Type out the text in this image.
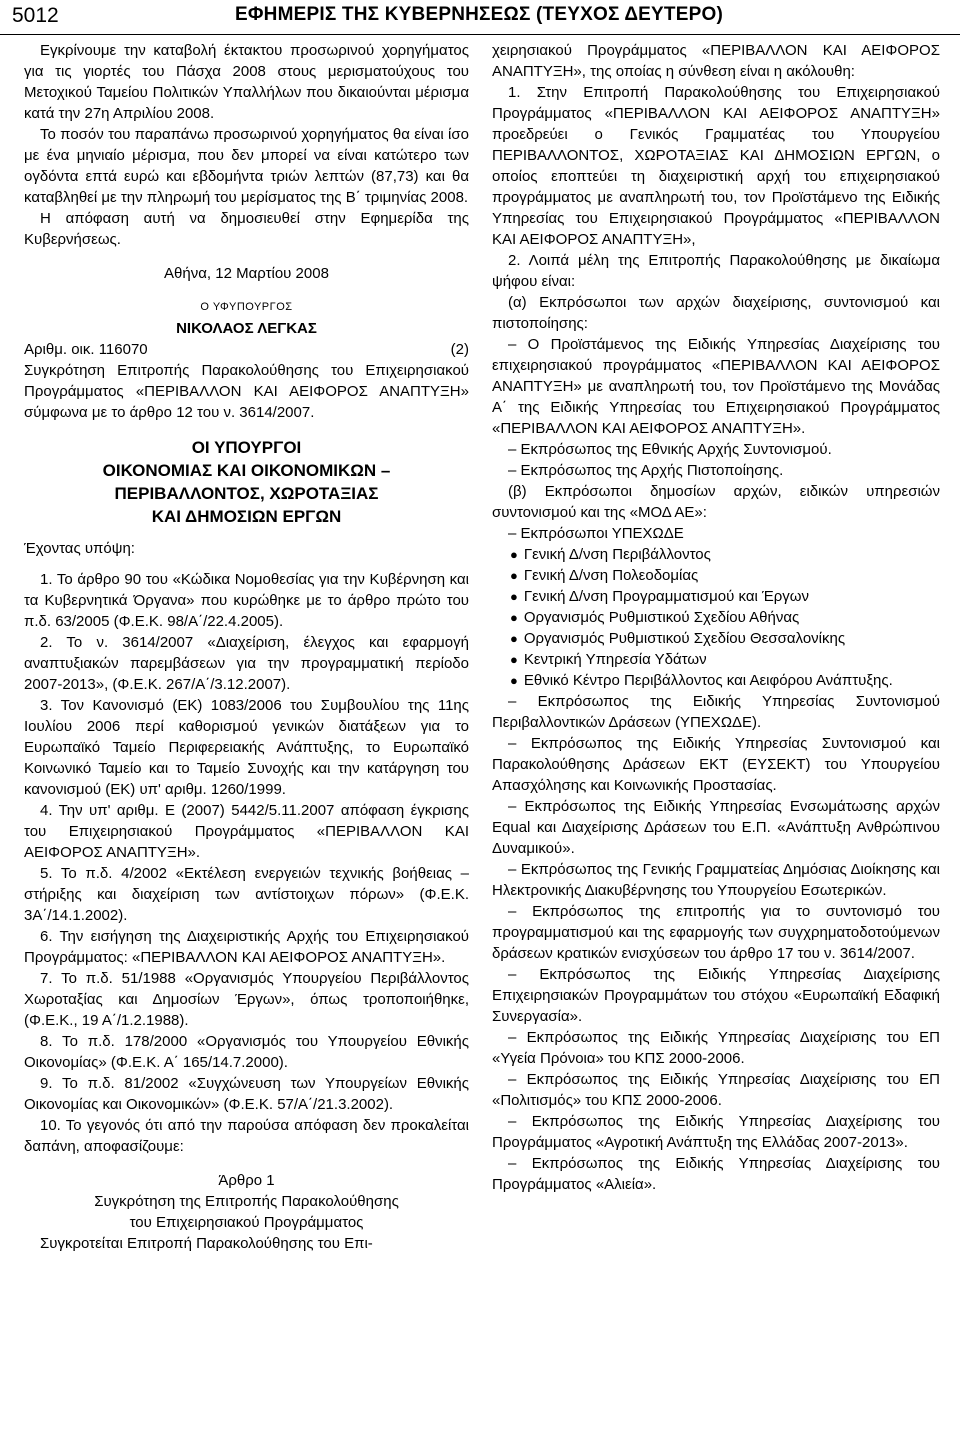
5012	ΕΦΗΜΕΡΙΣ ΤΗΣ ΚΥΒΕΡΝΗΣΕΩΣ (ΤΕΥΧΟΣ ΔΕΥΤΕΡΟ)

Εγκρίνουμε την καταβολή έκτακτου προσωρινού χορηγήματος για τις γιορτές του Πάσχα 2008 στους μερισματούχους του Μετοχικού Ταμείου Πολιτικών Υπαλλήλων που δικαιούνται μέρισμα κατά την 27η Απριλίου 2008.

Το ποσόν του παραπάνω προσωρινού χορηγήματος θα είναι ίσο με ένα μηνιαίο μέρισμα, που δεν μπορεί να είναι κατώτερο των ογδόντα επτά ευρώ και εβδομήντα τριών λεπτών (87,73) και θα καταβληθεί με την πληρωμή του μερίσματος της Β΄ τριμηνίας 2008.

Η απόφαση αυτή να δημοσιευθεί στην Εφημερίδα της Κυβερνήσεως.

Αθήνα, 12 Μαρτίου 2008

Ο ΥΦΥΠΟΥΡΓΟΣ

ΝΙΚΟΛΑΟΣ ΛΕΓΚΑΣ

Αριθμ. οικ. 116070	(2)

Συγκρότηση Επιτροπής Παρακολούθησης του Επιχειρησιακού Προγράμματος «ΠΕΡΙΒΑΛΛΟΝ ΚΑΙ ΑΕΙΦΟΡΟΣ ΑΝΑΠΤΥΞΗ» σύμφωνα με το άρθρο 12 του ν. 3614/2007.

ΟΙ ΥΠΟΥΡΓΟΙ

ΟΙΚΟΝΟΜΙΑΣ ΚΑΙ ΟΙΚΟΝΟΜΙΚΩΝ –

ΠΕΡΙΒΑΛΛΟΝΤΟΣ, ΧΩΡΟΤΑΞΙΑΣ

ΚΑΙ ΔΗΜΟΣΙΩΝ ΕΡΓΩΝ

Έχοντας υπόψη:

1. Το άρθρο 90 του «Κώδικα Νομοθεσίας για την Κυβέρνηση και τα Κυβερνητικά Όργανα» που κυρώθηκε με το άρθρο πρώτο του π.δ. 63/2005 (Φ.Ε.Κ. 98/Α΄/22.4.2005).

2. Το ν. 3614/2007 «Διαχείριση, έλεγχος και εφαρμογή αναπτυξιακών παρεμβάσεων για την προγραμματική περίοδο 2007-2013», (Φ.Ε.Κ. 267/Α΄/3.12.2007).

3. Τον Κανονισμό (ΕΚ) 1083/2006 του Συμβουλίου της 11ης Ιουλίου 2006 περί καθορισμού γενικών διατάξεων για το Ευρωπαϊκό Ταμείο Περιφερειακής Ανάπτυξης, το Ευρωπαϊκό Κοινωνικό Ταμείο και το Ταμείο Συνοχής και την κατάργηση του κανονισμού (ΕΚ) υπ' αριθμ. 1260/1999.

4. Την υπ' αριθμ. Ε (2007) 5442/5.11.2007 απόφαση έγκρισης του Επιχειρησιακού Προγράμματος «ΠΕΡΙΒΑΛΛΟΝ ΚΑΙ ΑΕΙΦΟΡΟΣ ΑΝΑΠΤΥΞΗ».

5. Το π.δ. 4/2002 «Εκτέλεση ενεργειών τεχνικής βοήθειας – στήριξης και διαχείριση των αντίστοιχων πόρων» (Φ.Ε.Κ. 3Α΄/14.1.2002).

6. Την εισήγηση της Διαχειριστικής Αρχής του Επιχειρησιακού Προγράμματος: «ΠΕΡΙΒΑΛΛΟΝ ΚΑΙ ΑΕΙΦΟΡΟΣ ΑΝΑΠΤΥΞΗ».

7. Το π.δ. 51/1988 «Οργανισμός Υπουργείου Περιβάλλοντος Χωροταξίας και Δημοσίων Έργων», όπως τροποποιήθηκε, (Φ.Ε.Κ., 19 Α΄/1.2.1988).

8. Το π.δ. 178/2000 «Οργανισμός του Υπουργείου Εθνικής Οικονομίας» (Φ.Ε.Κ. Α΄ 165/14.7.2000).

9. Το π.δ. 81/2002 «Συγχώνευση των Υπουργείων Εθνικής Οικονομίας και Οικονομικών» (Φ.Ε.Κ. 57/Α΄/21.3.2002).

10. Το γεγονός ότι από την παρούσα απόφαση δεν προκαλείται δαπάνη, αποφασίζουμε:

Άρθρο 1

Συγκρότηση της Επιτροπής Παρακολούθησης

του Επιχειρησιακού Προγράμματος

Συγκροτείται Επιτροπή Παρακολούθησης του Επι-

χειρησιακού Προγράμματος «ΠΕΡΙΒΑΛΛΟΝ ΚΑΙ ΑΕΙΦΟΡΟΣ ΑΝΑΠΤΥΞΗ», της οποίας η σύνθεση είναι η ακόλουθη:

1. Στην Επιτροπή Παρακολούθησης του Επιχειρησιακού Προγράμματος «ΠΕΡΙΒΑΛΛΟΝ ΚΑΙ ΑΕΙΦΟΡΟΣ ΑΝΑΠΤΥΞΗ» προεδρεύει ο Γενικός Γραμματέας του Υπουργείου ΠΕΡΙΒΑΛΛΟΝΤΟΣ, ΧΩΡΟΤΑΞΙΑΣ ΚΑΙ ΔΗΜΟΣΙΩΝ ΕΡΓΩΝ, ο οποίος εποπτεύει τη διαχειριστική αρχή του επιχειρησιακού προγράμματος με αναπληρωτή του, τον Προϊστάμενο της Ειδικής Υπηρεσίας του Επιχειρησιακού Προγράμματος «ΠΕΡΙΒΑΛΛΟΝ ΚΑΙ ΑΕΙΦΟΡΟΣ ΑΝΑΠΤΥΞΗ»,

2. Λοιπά μέλη της Επιτροπής Παρακολούθησης με δικαίωμα ψήφου είναι:

(α) Εκπρόσωποι των αρχών διαχείρισης, συντονισμού και πιστοποίησης:

– Ο Προϊστάμενος της Ειδικής Υπηρεσίας Διαχείρισης του επιχειρησιακού προγράμματος «ΠΕΡΙΒΑΛΛΟΝ ΚΑΙ ΑΕΙΦΟΡΟΣ ΑΝΑΠΤΥΞΗ» με αναπληρωτή του, τον Προϊστάμενο της Μονάδας Α΄ της Ειδικής Υπηρεσίας του Επιχειρησιακού Προγράμματος «ΠΕΡΙΒΑΛΛΟΝ ΚΑΙ ΑΕΙΦΟΡΟΣ ΑΝΑΠΤΥΞΗ».

– Εκπρόσωπος της Εθνικής Αρχής Συντονισμού.

– Εκπρόσωπος της Αρχής Πιστοποίησης.

(β) Εκπρόσωποι δημοσίων αρχών, ειδικών υπηρεσιών συντονισμού και της «ΜΟΔ ΑΕ»:

– Εκπρόσωποι ΥΠΕΧΩΔΕ

● Γενική Δ/νση Περιβάλλοντος

● Γενική Δ/νση Πολεοδομίας

● Γενική Δ/νση Προγραμματισμού και Έργων

● Οργανισμός Ρυθμιστικού Σχεδίου Αθήνας

● Οργανισμός Ρυθμιστικού Σχεδίου Θεσσαλονίκης

● Κεντρική Υπηρεσία Υδάτων

● Εθνικό Κέντρο Περιβάλλοντος και Αειφόρου Ανάπτυξης.

– Εκπρόσωπος της Ειδικής Υπηρεσίας Συντονισμού Περιβαλλοντικών Δράσεων (ΥΠΕΧΩΔΕ).

– Εκπρόσωπος της Ειδικής Υπηρεσίας Συντονισμού και Παρακολούθησης Δράσεων ΕΚΤ (ΕΥΣΕΚΤ) του Υπουργείου Απασχόλησης και Κοινωνικής Προστασίας.

– Εκπρόσωπος της Ειδικής Υπηρεσίας Ενσωμάτωσης αρχών Equal και Διαχείρισης Δράσεων του Ε.Π. «Ανάπτυξη Ανθρώπινου Δυναμικού».

– Εκπρόσωπος της Γενικής Γραμματείας Δημόσιας Διοίκησης και Ηλεκτρονικής Διακυβέρνησης του Υπουργείου Εσωτερικών.

– Εκπρόσωπος της επιτροπής για το συντονισμό του προγραμματισμού και της εφαρμογής των συγχρηματοδοτούμενων δράσεων κρατικών ενισχύσεων του άρθρο 17 του ν. 3614/2007.

– Εκπρόσωπος της Ειδικής Υπηρεσίας Διαχείρισης Επιχειρησιακών Προγραμμάτων του στόχου «Ευρωπαϊκή Εδαφική Συνεργασία».

– Εκπρόσωπος της Ειδικής Υπηρεσίας Διαχείρισης του ΕΠ «Υγεία Πρόνοια» του ΚΠΣ 2000-2006.

– Εκπρόσωπος της Ειδικής Υπηρεσίας Διαχείρισης του ΕΠ «Πολιτισμός» του ΚΠΣ 2000-2006.

– Εκπρόσωπος της Ειδικής Υπηρεσίας Διαχείρισης του Προγράμματος «Αγροτική Ανάπτυξη της Ελλάδας 2007-2013».

– Εκπρόσωπος της Ειδικής Υπηρεσίας Διαχείρισης του Προγράμματος «Αλιεία».
